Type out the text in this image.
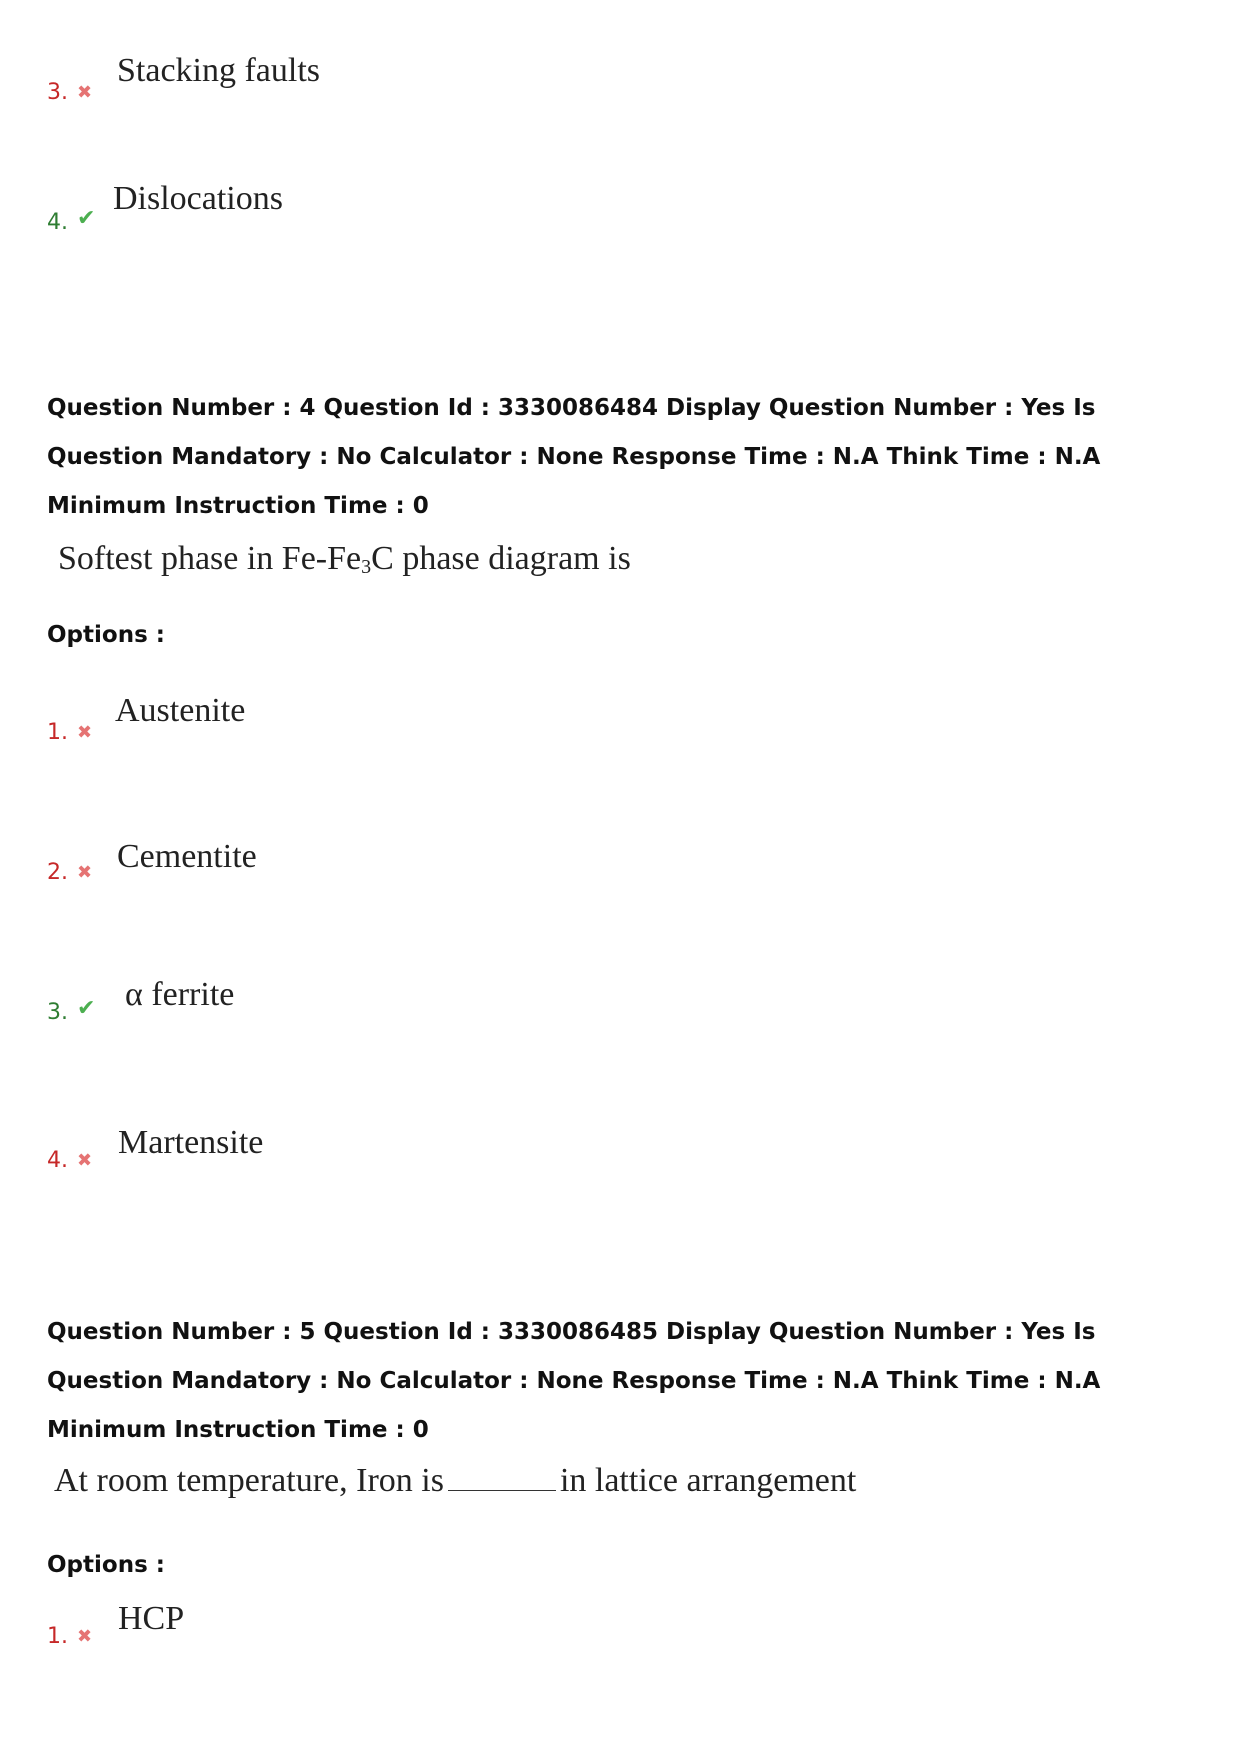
3. ✖
Stacking faults
4. ✔
Dislocations
Question Number : 4 Question Id : 3330086484 Display Question Number : Yes Is Question Mandatory : No Calculator : None Response Time : N.A Think Time : N.A Minimum Instruction Time : 0
Softest phase in $Fe-Fe_3C$ phase diagram is
Options :
1. ✖
Austenite
2. ✖ Cementite
3. ✔ α ferrite
4. ✖ Martensite
Question Number : 5 Question Id : 3330086485 Display Question Number : Yes Is Question Mandatory : No Calculator : None Response Time : N.A Think Time : N.A Minimum Instruction Time : 0
At room temperature, Iron is	in lattice arrangement
Options :
1. ✖ HCP
